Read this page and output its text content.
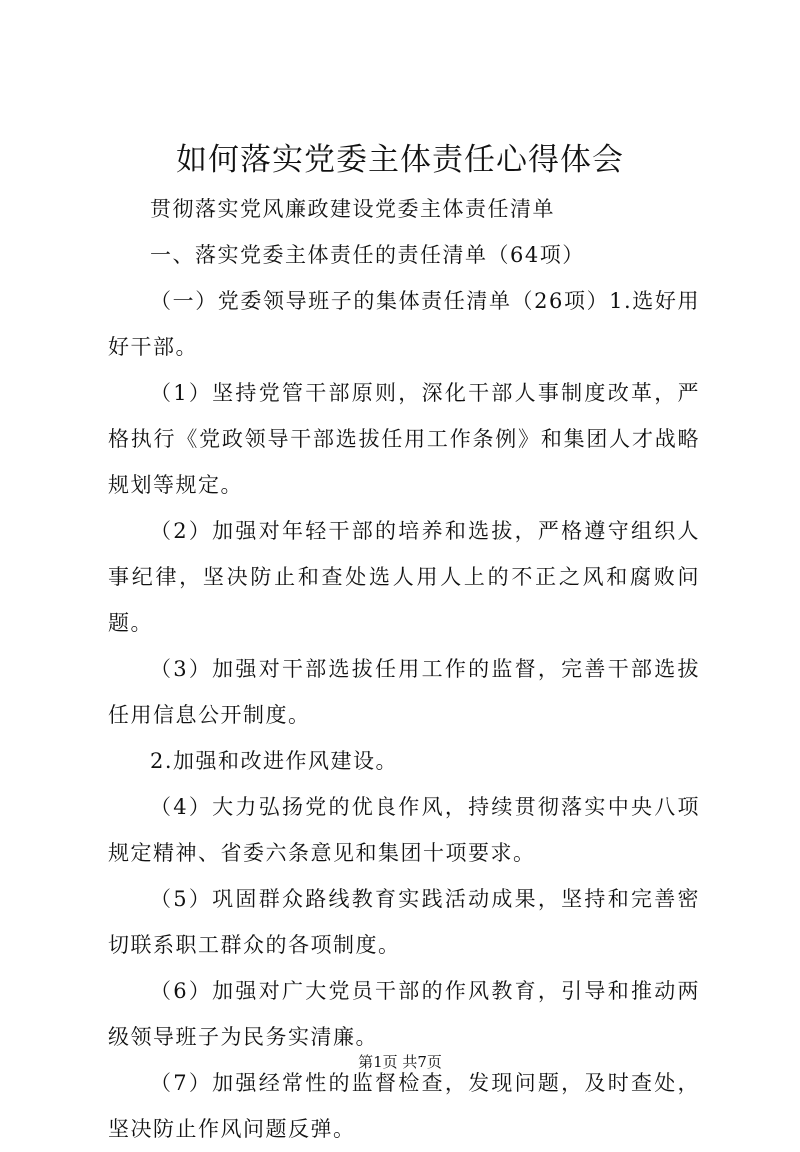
如何落实党委主体责任心得体会

贯彻落实党风廉政建设党委主体责任清单

一、落实党委主体责任的责任清单（64项）

（一）党委领导班子的集体责任清单（26项）1.选好用好干部。

（1）坚持党管干部原则，深化干部人事制度改革，严格执行《党政领导干部选拔任用工作条例》和集团人才战略规划等规定。

（2）加强对年轻干部的培养和选拔，严格遵守组织人事纪律，坚决防止和查处选人用人上的不正之风和腐败问题。

（3）加强对干部选拔任用工作的监督，完善干部选拔任用信息公开制度。

2.加强和改进作风建设。

（4）大力弘扬党的优良作风，持续贯彻落实中央八项规定精神、省委六条意见和集团十项要求。

（5）巩固群众路线教育实践活动成果，坚持和完善密切联系职工群众的各项制度。

（6）加强对广大党员干部的作风教育，引导和推动两级领导班子为民务实清廉。

（7）加强经常性的监督检查，发现问题，及时查处，坚决防止作风问题反弹。

第1页 共7页
